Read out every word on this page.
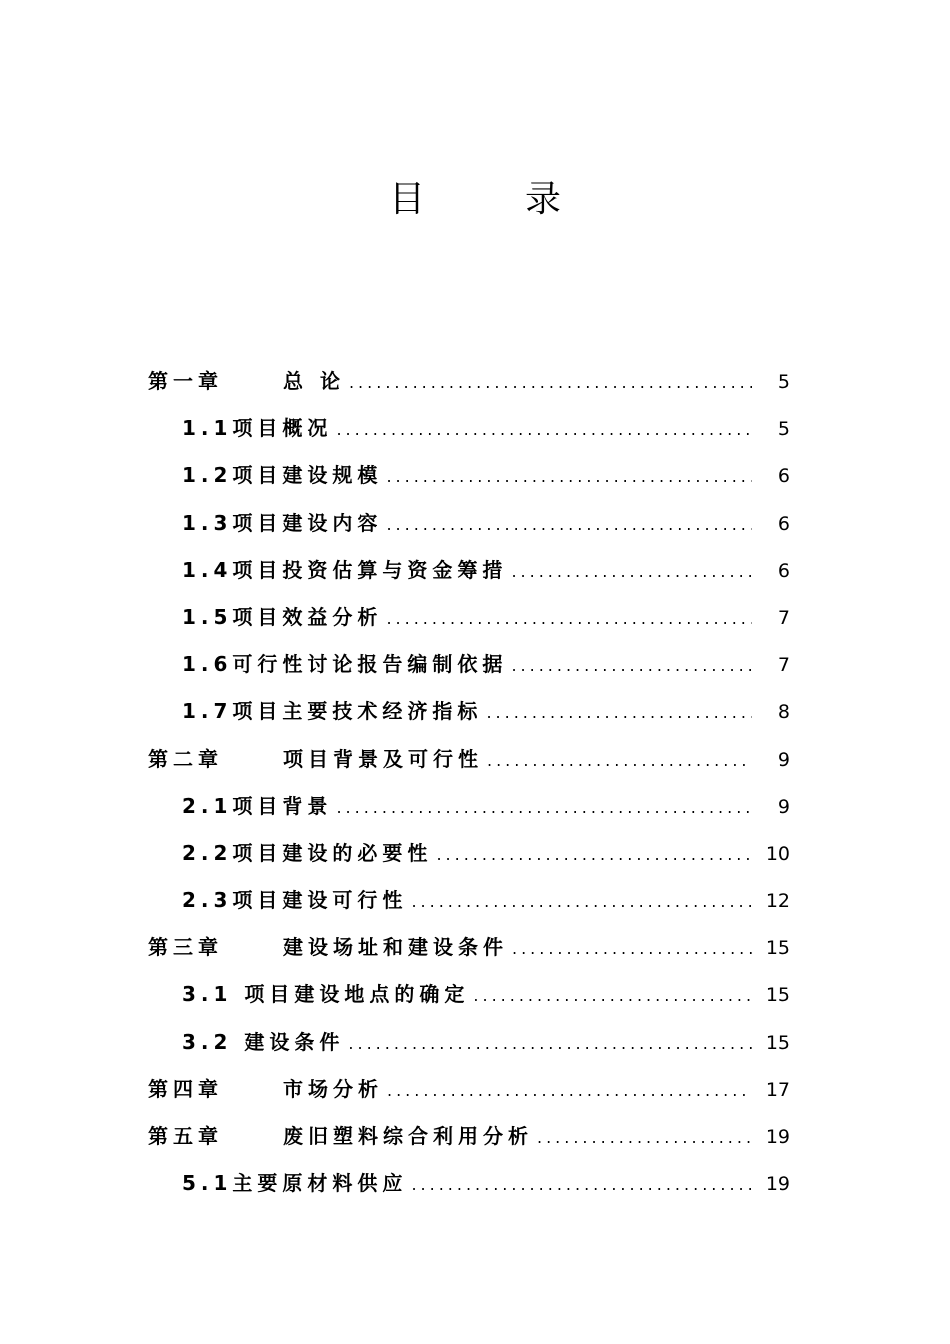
目	录
第一章	总 论 .....	5
1.1项目概况 .....	5
1.2项目建设规模 .....	6
1.3项目建设内容 .....	6
1.4项目投资估算与资金筹措 .....	6
1.5项目效益分析 .....	7
1.6可行性讨论报告编制依据 .....	7
1.7项目主要技术经济指标 .....	8
第二章	项目背景及可行性 .....	9
2.1项目背景 .....	9
2.2项目建设的必要性 .....	10
2.3项目建设可行性 .....	12
第三章	建设场址和建设条件 .....	15
3.1 项目建设地点的确定 .....	15
3.2 建设条件 .....	15
第四章	市场分析 .....	17
第五章	废旧塑料综合利用分析 .....	19
5.1主要原材料供应 .....	19
